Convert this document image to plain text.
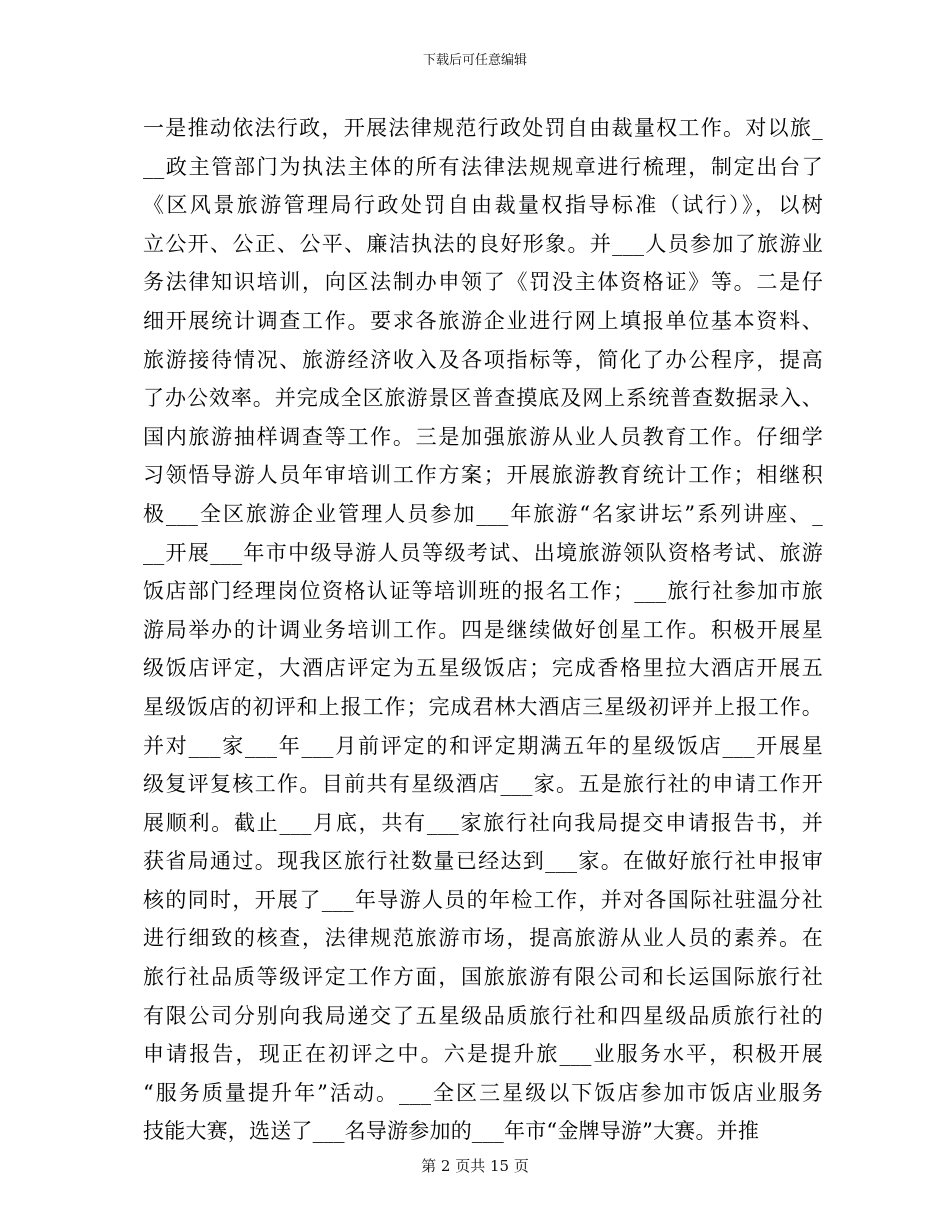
下载后可任意编辑
一是推动依法行政，开展法律规范行政处罚自由裁量权工作。对以旅_
__政主管部门为执法主体的所有法律法规规章进行梳理，制定出台了
《区风景旅游管理局行政处罚自由裁量权指导标准（试行）》，以树
立公开、公正、公平、廉洁执法的良好形象。并___人员参加了旅游业
务法律知识培训，向区法制办申领了《罚没主体资格证》等。二是仔
细开展统计调查工作。要求各旅游企业进行网上填报单位基本资料、
旅游接待情况、旅游经济收入及各项指标等，简化了办公程序，提高
了办公效率。并完成全区旅游景区普查摸底及网上系统普查数据录入、
国内旅游抽样调查等工作。三是加强旅游从业人员教育工作。仔细学
习领悟导游人员年审培训工作方案；开展旅游教育统计工作；相继积
极___全区旅游企业管理人员参加___年旅游“名家讲坛”系列讲座、_
__开展___年市中级导游人员等级考试、出境旅游领队资格考试、旅游
饭店部门经理岗位资格认证等培训班的报名工作；___旅行社参加市旅
游局举办的计调业务培训工作。四是继续做好创星工作。积极开展星
级饭店评定，大酒店评定为五星级饭店；完成香格里拉大酒店开展五
星级饭店的初评和上报工作；完成君林大酒店三星级初评并上报工作。
并对___家___年___月前评定的和评定期满五年的星级饭店___开展星
级复评复核工作。目前共有星级酒店___家。五是旅行社的申请工作开
展顺利。截止___月底，共有___家旅行社向我局提交申请报告书，并
获省局通过。现我区旅行社数量已经达到___家。在做好旅行社申报审
核的同时，开展了___年导游人员的年检工作，并对各国际社驻温分社
进行细致的核查，法律规范旅游市场，提高旅游从业人员的素养。在
旅行社品质等级评定工作方面，国旅旅游有限公司和长运国际旅行社
有限公司分别向我局递交了五星级品质旅行社和四星级品质旅行社的
申请报告，现正在初评之中。六是提升旅___业服务水平，积极开展
“服务质量提升年”活动。___全区三星级以下饭店参加市饭店业服务
技能大赛，选送了___名导游参加的___年市“金牌导游”大赛。并推
第 2 页共 15 页
